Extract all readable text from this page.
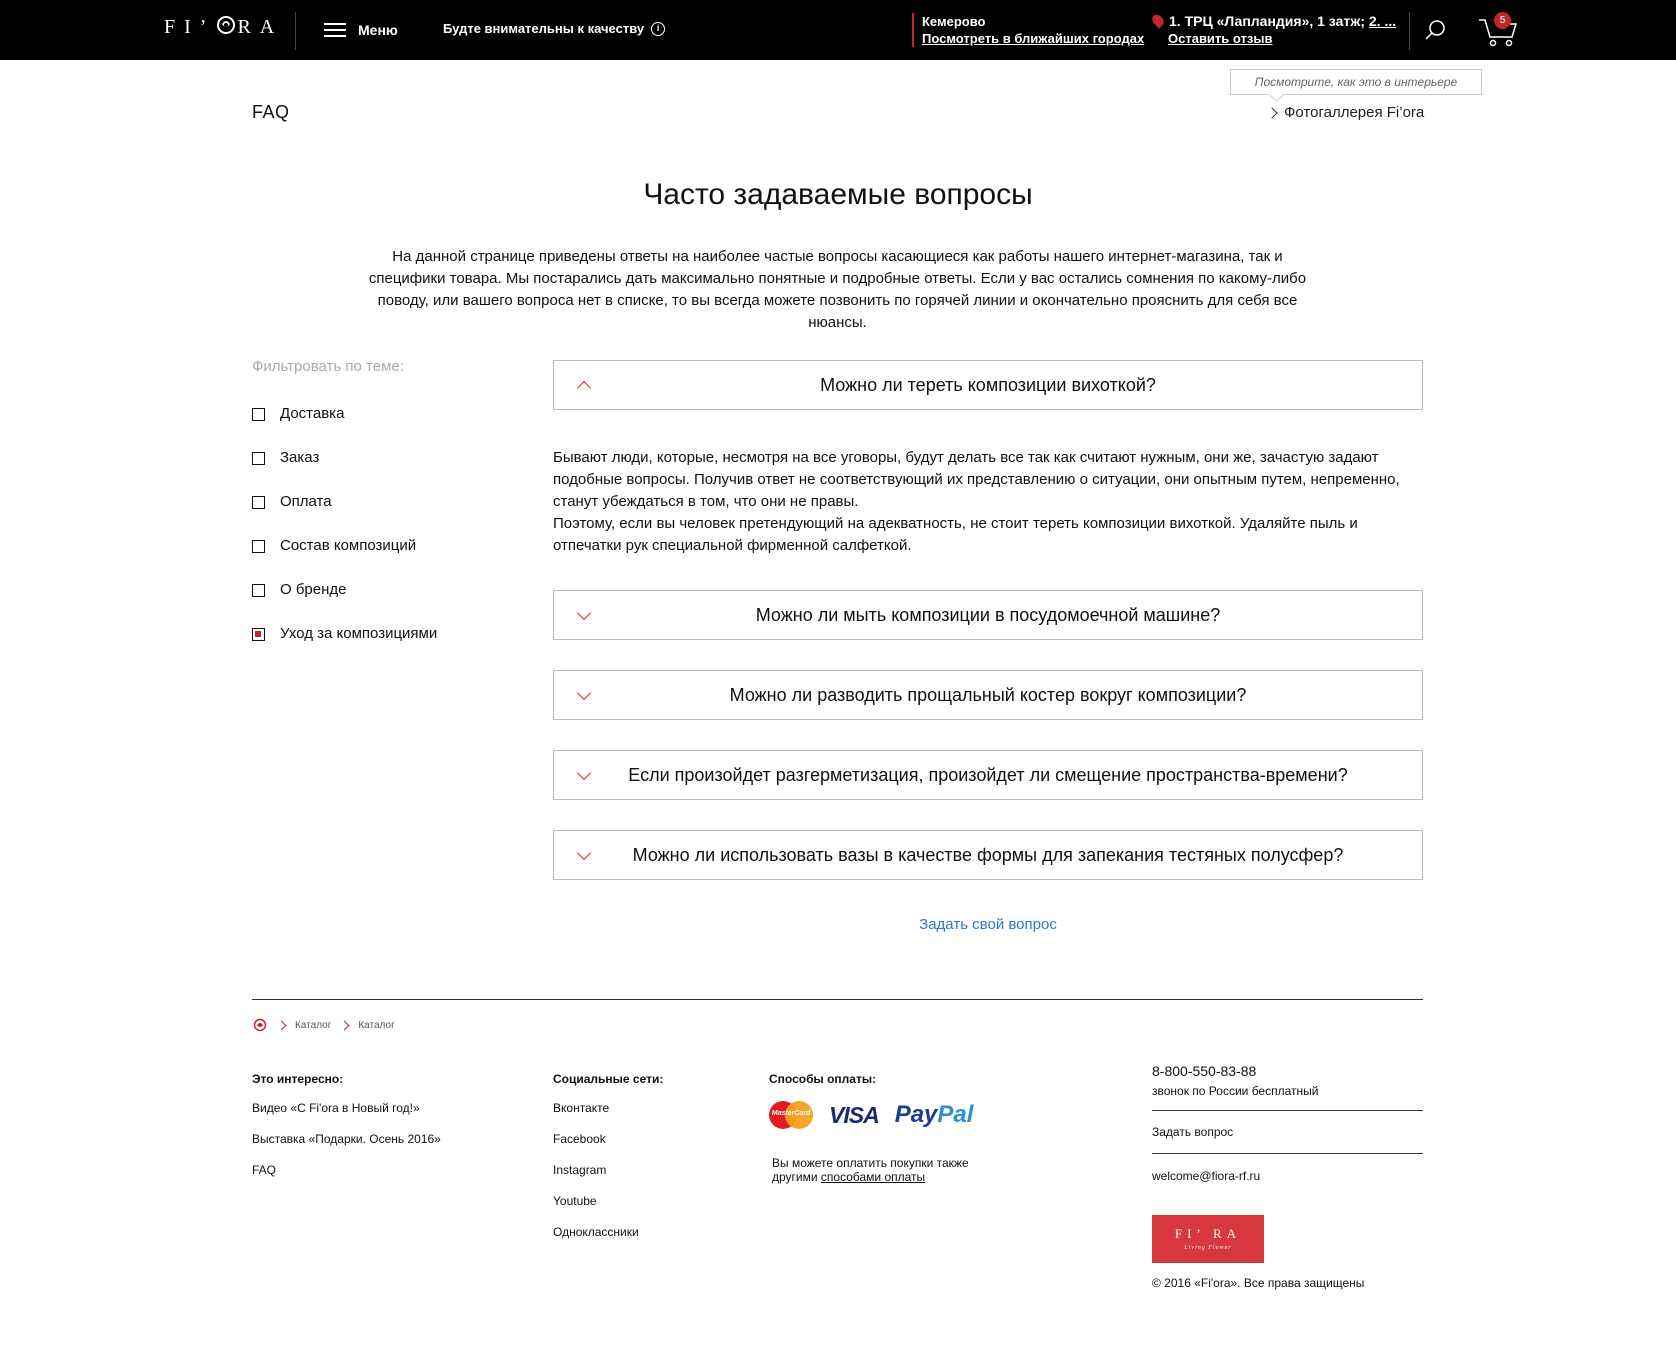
FI’ RA	Меню	Будте внимательны к качеству	i	Кемерово
Посмотреть в ближайших городах
1. ТРЦ «Лапландия», 1 затж; 2. ...
Оставить отзыв
5
FAQ
Посмотрите, как это в интерьере
Фотогаллерея Fi’ora
Часто задаваемые вопросы

На данной странице приведены ответы на наиболее частые вопросы касающиеся как работы нашего интернет-магазина, так и специфики товара. Мы постарались дать максимально понятные и подробные ответы. Если у вас остались сомнения по какому-либо поводу, или вашего вопроса нет в списке, то вы всегда можете позвонить по горячей линии и окончательно прояснить для себя все нюансы.

Фильтровать по теме:
Доставка
Заказ
Оплата
Состав композиций
О бренде
Уход за композициями
Можно ли тереть композиции вихоткой?

Бывают люди, которые, несмотря на все уговоры, будут делать все так как считают нужным, они же, зачастую задают подобные вопросы. Получив ответ не соответствующий их представлению о ситуации, они опытным путем, непременно, станут убеждаться в том, что они не правы.

Поэтому, если вы человек претендующий на адекватность, не стоит тереть композиции вихоткой. Удаляйте пыль и отпечатки рук специальной фирменной салфеткой.

Можно ли мыть композиции в посудомоечной машине?
Можно ли разводить прощальный костер вокруг композиции?
Если произойдет разгерметизация, произойдет ли смещение пространства-времени?
Можно ли использовать вазы в качестве формы для запекания тестяных полусфер?
Задать свой вопрос
Каталог	Каталог
Это интересно:
Видео «С Fi'ora в Новый год!»
Выставка «Подарки. Осень 2016»
FAQ
Социальные сети:
Вконтакте
Facebook
Instagram
Youtube
Одноклассники
Способы оплаты:
MasterCard VISA PayPal
Вы можете оплатить покупки также
другими способами оплаты
8-800-550-83-88
звонок по России бесплатный
Задать вопрос
welcome@fiora-rf.ru
FI’ RA
Living Flower
© 2016 «Fi'ora». Все права защищены
